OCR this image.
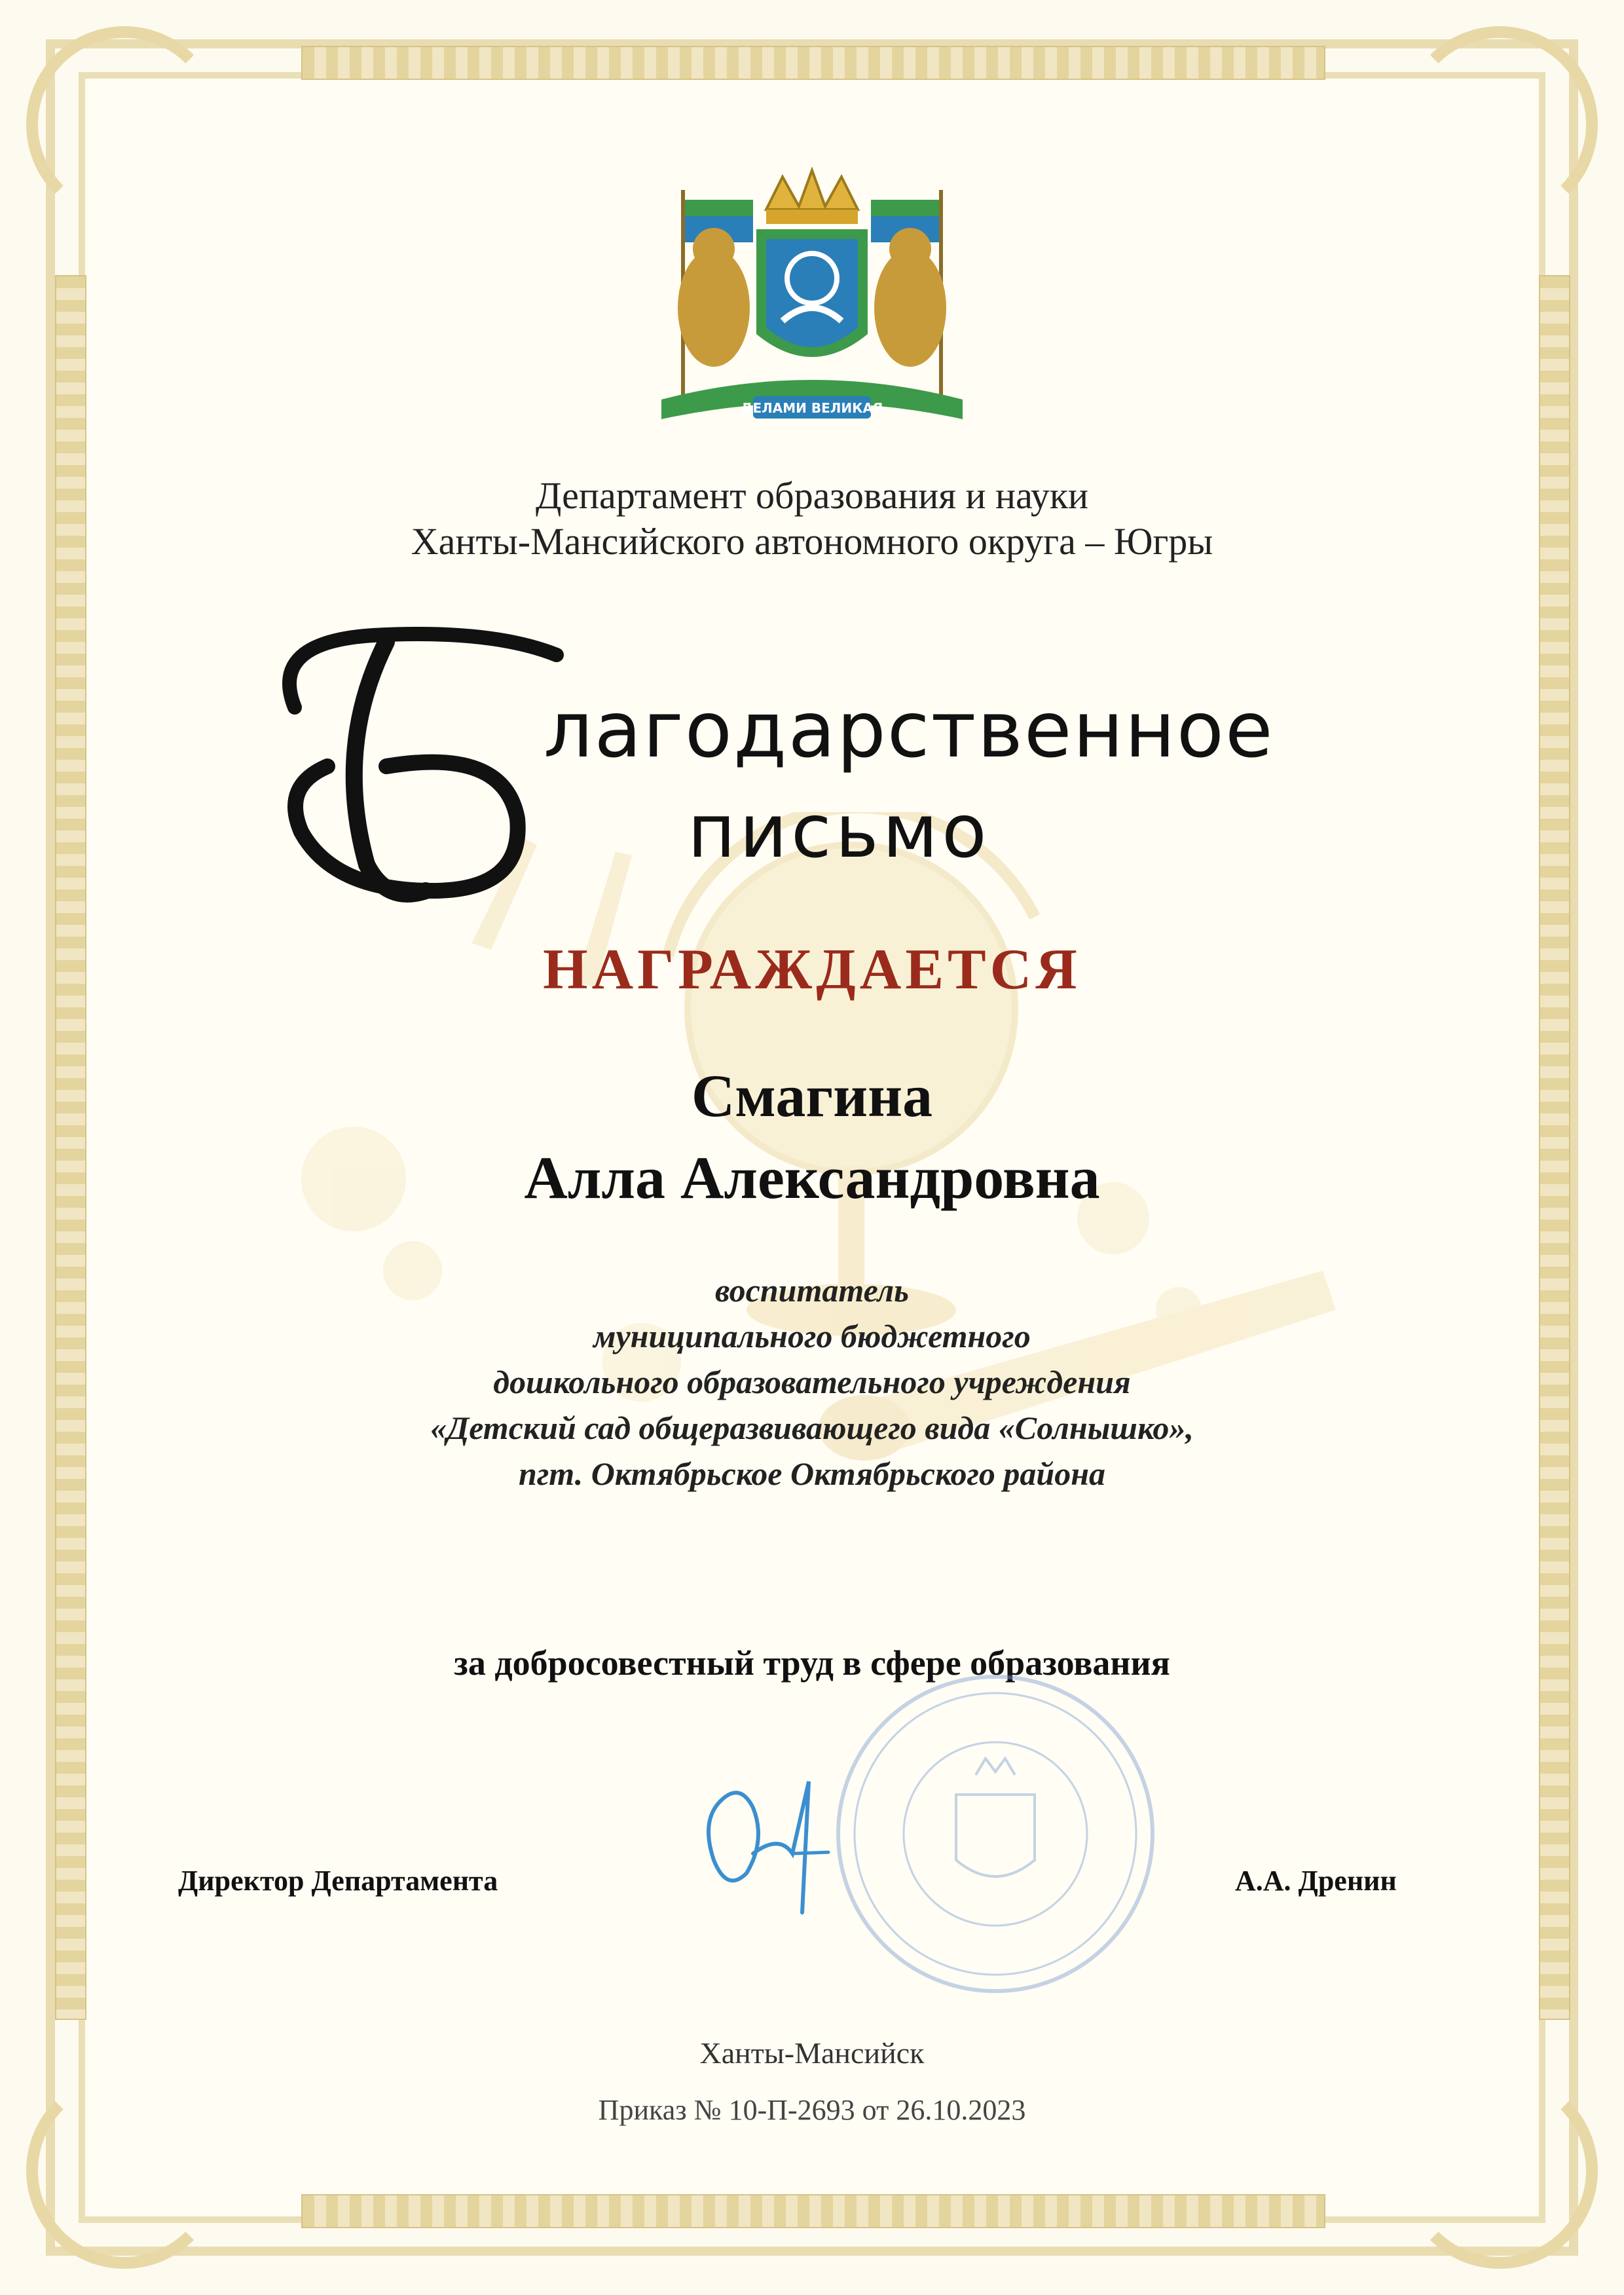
ДЕЛАМИ ВЕЛИКАЯ
Департамент образования и науки
Ханты-Мансийского автономного округа – Югры
Б
лагодарственное
письмо
НАГРАЖДАЕТСЯ
Смагина
Алла Александровна
воспитатель
муниципального бюджетного
дошкольного образовательного учреждения
«Детский сад общеразвивающего вида «Солнышко»,
пгт. Октябрьское Октябрьского района
за добросовестный труд в сфере образования
Директор Департамента	А.А. Дренин
Ханты-Мансийск
Приказ № 10-П-2693 от 26.10.2023
